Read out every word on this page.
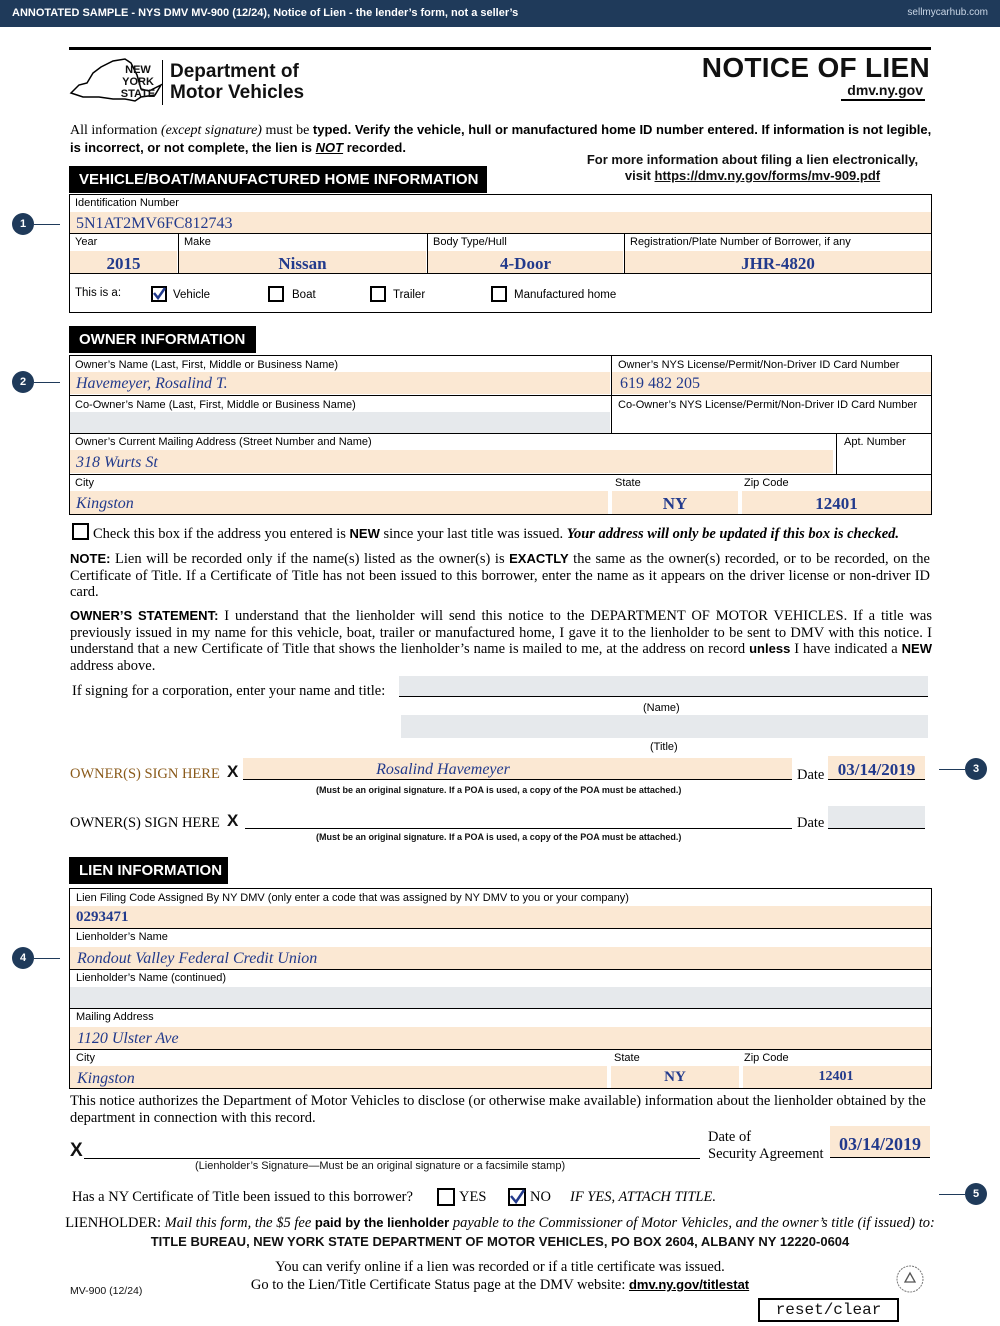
ANNOTATED SAMPLE - NYS DMV MV-900 (12/24), Notice of Lien - the lender’s form, not a seller’s	sellmycarhub.com
NEW
YORK
STATE
Department of
Motor Vehicles
NOTICE OF LIEN
dmv.ny.gov
All information (except signature) must be typed. Verify the vehicle, hull or manufactured home ID number entered. If information is not legible, is incorrect, or not complete, the lien is NOT recorded.
For more information about filing a lien electronically,
visit https://dmv.ny.gov/forms/mv-909.pdf
VEHICLE/BOAT/MANUFACTURED HOME INFORMATION
Identification Number
5N1AT2MV6FC812743
Year	Make	Body Type/Hull	Registration/Plate Number of Borrower, if any
2015	Nissan	4-Door	JHR-4820
This is a:	Vehicle	Boat	Trailer	Manufactured home
OWNER INFORMATION
Owner’s Name (Last, First, Middle or Business Name)	Owner’s NYS License/Permit/Non-Driver ID Card Number
Havemeyer, Rosalind T.	619 482 205
Co-Owner’s Name (Last, First, Middle or Business Name)	Co-Owner’s NYS License/Permit/Non-Driver ID Card Number
Owner’s Current Mailing Address (Street Number and Name)	Apt. Number
318 Wurts St
City	State	Zip Code
Kingston	NY	12401
Check this box if the address you entered is NEW since your last title was issued. Your address will only be updated if this box is checked.
NOTE: Lien will be recorded only if the name(s) listed as the owner(s) is EXACTLY the same as the owner(s) recorded, or to be recorded, on the Certificate of Title. If a Certificate of Title has not been issued to this borrower, enter the name as it appears on the driver license or non-driver ID card.
OWNER’S STATEMENT: I understand that the lienholder will send this notice to the DEPARTMENT OF MOTOR VEHICLES. If a title was previously issued in my name for this vehicle, boat, trailer or manufactured home, I gave it to the lienholder to be sent to DMV with this notice. I understand that a new Certificate of Title that shows the lienholder’s name is mailed to me, at the address on record unless I have indicated a NEW address above.
If signing for a corporation, enter your name and title:
(Name)
(Title)
OWNER(S) SIGN HERE X	Rosalind Havemeyer	Date 03/14/2019
(Must be an original signature. If a POA is used, a copy of the POA must be attached.)
OWNER(S) SIGN HERE X	Date
(Must be an original signature. If a POA is used, a copy of the POA must be attached.)
LIEN INFORMATION
Lien Filing Code Assigned By NY DMV (only enter a code that was assigned by NY DMV to you or your company)
0293471
Lienholder’s Name
Rondout Valley Federal Credit Union
Lienholder’s Name (continued)
Mailing Address
1120 Ulster Ave
City	State	Zip Code
Kingston	NY	12401
This notice authorizes the Department of Motor Vehicles to disclose (or otherwise make available) information about the lienholder obtained by the department in connection with this record.
X
(Lienholder’s Signature—Must be an original signature or a facsimile stamp)
Date of
Security Agreement 03/14/2019
Has a NY Certificate of Title been issued to this borrower?	YES	NO IF YES, ATTACH TITLE.
LIENHOLDER: Mail this form, the $5 fee paid by the lienholder payable to the Commissioner of Motor Vehicles, and the owner’s title (if issued) to:
TITLE BUREAU, NEW YORK STATE DEPARTMENT OF MOTOR VEHICLES, PO BOX 2604, ALBANY NY 12220-0604
You can verify online if a lien was recorded or if a title certificate was issued.
Go to the Lien/Title Certificate Status page at the DMV website: dmv.ny.gov/titlestat
MV-900 (12/24)
reset/clear
1
2
3
4
5
